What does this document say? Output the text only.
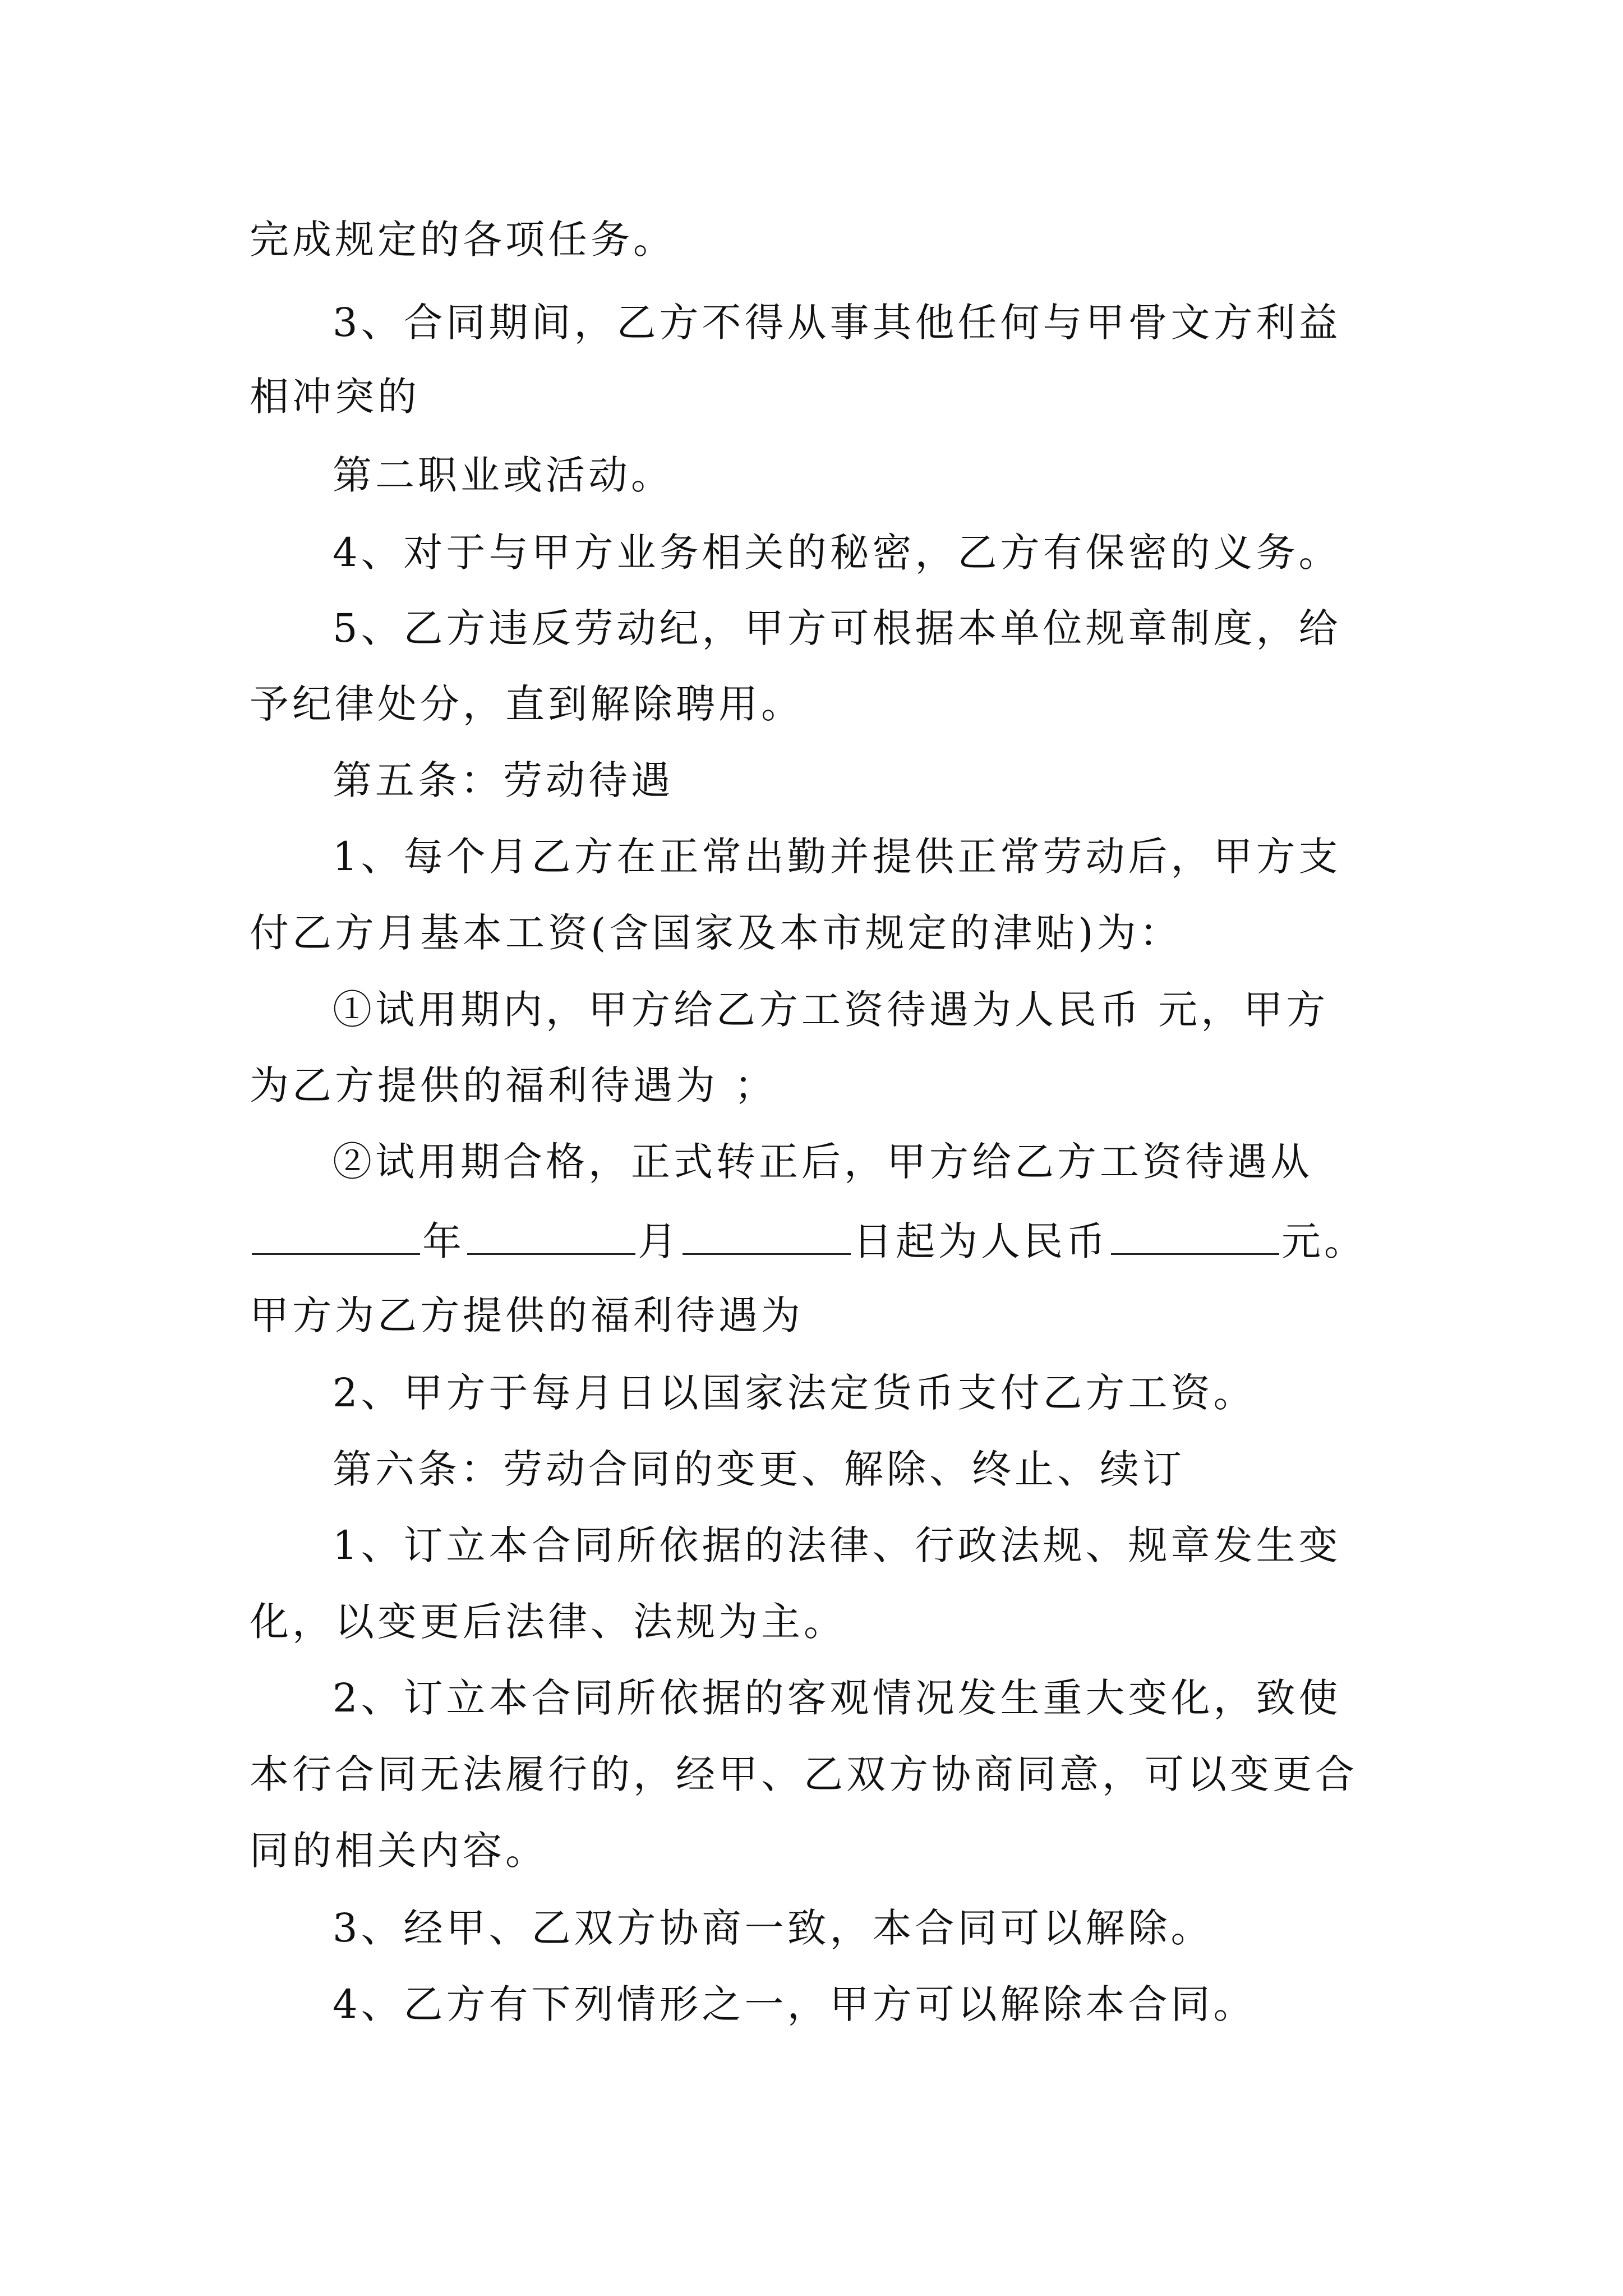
完成规定的各项任务。
3、合同期间，乙方不得从事其他任何与甲骨文方利益
相冲突的
第二职业或活动。
4、对于与甲方业务相关的秘密，乙方有保密的义务。
5、乙方违反劳动纪，甲方可根据本单位规章制度，给
予纪律处分，直到解除聘用。
第五条：劳动待遇
1、每个月乙方在正常出勤并提供正常劳动后，甲方支
付乙方月基本工资(含国家及本市规定的津贴)为：
①试用期内，甲方给乙方工资待遇为人民币 元，甲方
为乙方提供的福利待遇为 ；
②试用期合格，正式转正后，甲方给乙方工资待遇从
年	月	日起为人民币	元。
甲方为乙方提供的福利待遇为
2、甲方于每月日以国家法定货币支付乙方工资。
第六条：劳动合同的变更、解除、终止、续订
1、订立本合同所依据的法律、行政法规、规章发生变
化，以变更后法律、法规为主。
2、订立本合同所依据的客观情况发生重大变化，致使
本行合同无法履行的，经甲、乙双方协商同意，可以变更合
同的相关内容。
3、经甲、乙双方协商一致，本合同可以解除。
4、乙方有下列情形之一，甲方可以解除本合同。
